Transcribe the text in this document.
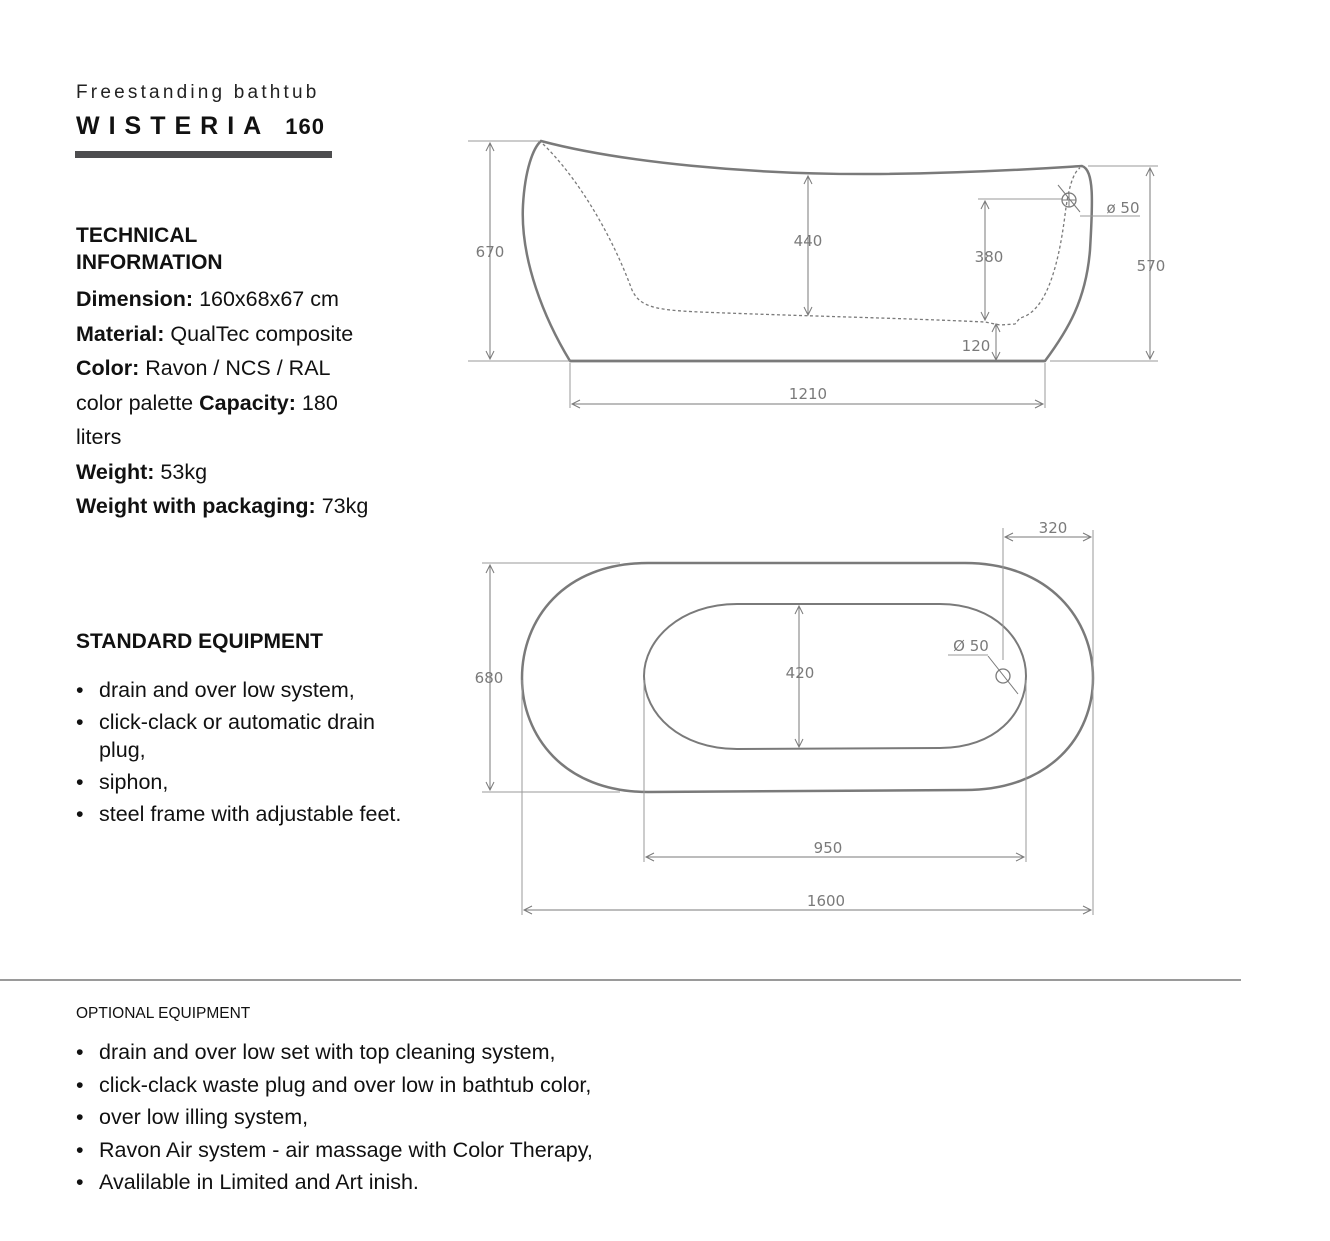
Freestanding bathtub
WISTERIA 160
TECHNICAL
INFORMATION
Dimension: 160x68x67 cm
Material: QualTec composite
Color: Ravon / NCS / RAL color palette Capacity: 180 liters
Weight: 53kg
Weight with packaging: 73kg
STANDARD EQUIPMENT
• drain and over low system,
• click-clack or automatic drain plug,
• siphon,
• steel frame with adjustable feet.
670
440
380
120
570
1210
ø 50
680	420
950
1600
320
Ø 50
OPTIONAL EQUIPMENT
• drain and over low set with top cleaning system,
• click-clack waste plug and over low in bathtub color,
• over low illing system,
• Ravon Air system - air massage with Color Therapy,
• Avalilable in Limited and Art inish.
